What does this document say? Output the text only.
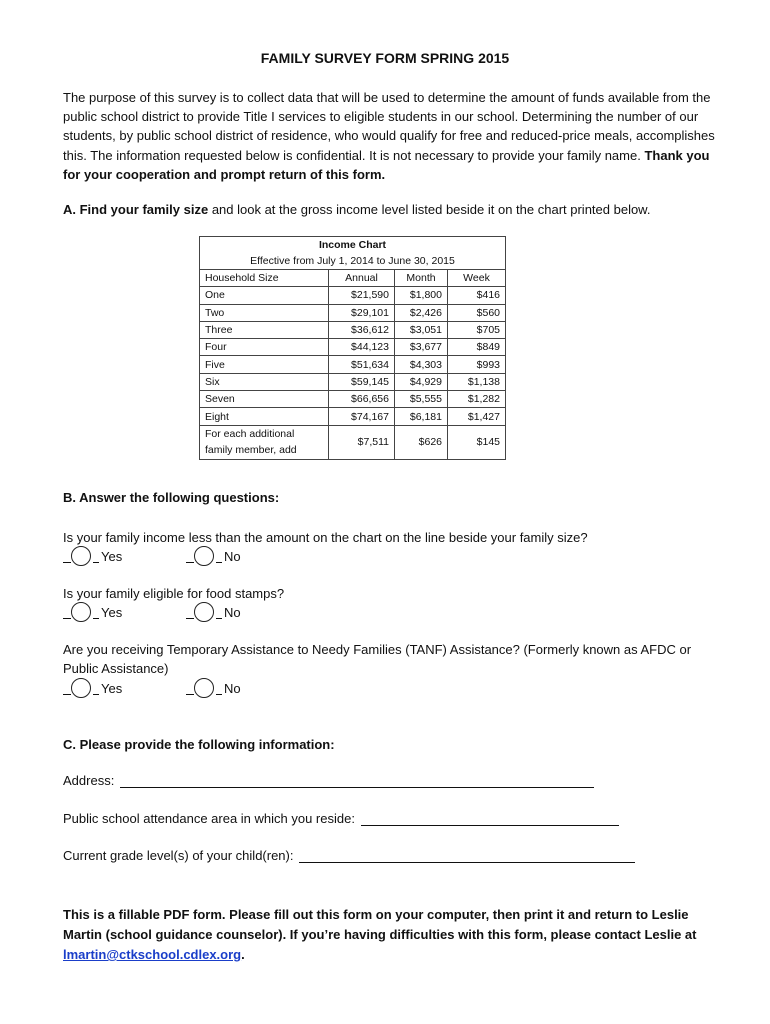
FAMILY SURVEY FORM SPRING 2015
The purpose of this survey is to collect data that will be used to determine the amount of funds available from the public school district to provide Title I services to eligible students in our school. Determining the number of our students, by public school district of residence, who would qualify for free and reduced-price meals, accomplishes this. The information requested below is confidential. It is not necessary to provide your family name. Thank you for your cooperation and prompt return of this form.
A. Find your family size and look at the gross income level listed beside it on the chart printed below.
Income Chart
Effective from July 1, 2014 to June 30, 2015
Household Size	Annual	Month	Week
One	$21,590	$1,800	$416
Two	$29,101	$2,426	$560
Three	$36,612	$3,051	$705
Four	$44,123	$3,677	$849
Five	$51,634	$4,303	$993
Six	$59,145	$4,929	$1,138
Seven	$66,656	$5,555	$1,282
Eight	$74,167	$6,181	$1,427
For each additional
family member, add	$7,511	$626	$145
B. Answer the following questions:
Is your family income less than the amount on the chart on the line beside your family size?
Yes	No
Is your family eligible for food stamps?
Yes	No
Are you receiving Temporary Assistance to Needy Families (TANF) Assistance? (Formerly known as AFDC or Public Assistance)
Yes	No
C. Please provide the following information:
Address:
Public school attendance area in which you reside:
Current grade level(s) of your child(ren):
This is a fillable PDF form. Please fill out this form on your computer, then print it and return to Leslie Martin (school guidance counselor). If you’re having difficulties with this form, please contact Leslie at lmartin@ctkschool.cdlex.org.
